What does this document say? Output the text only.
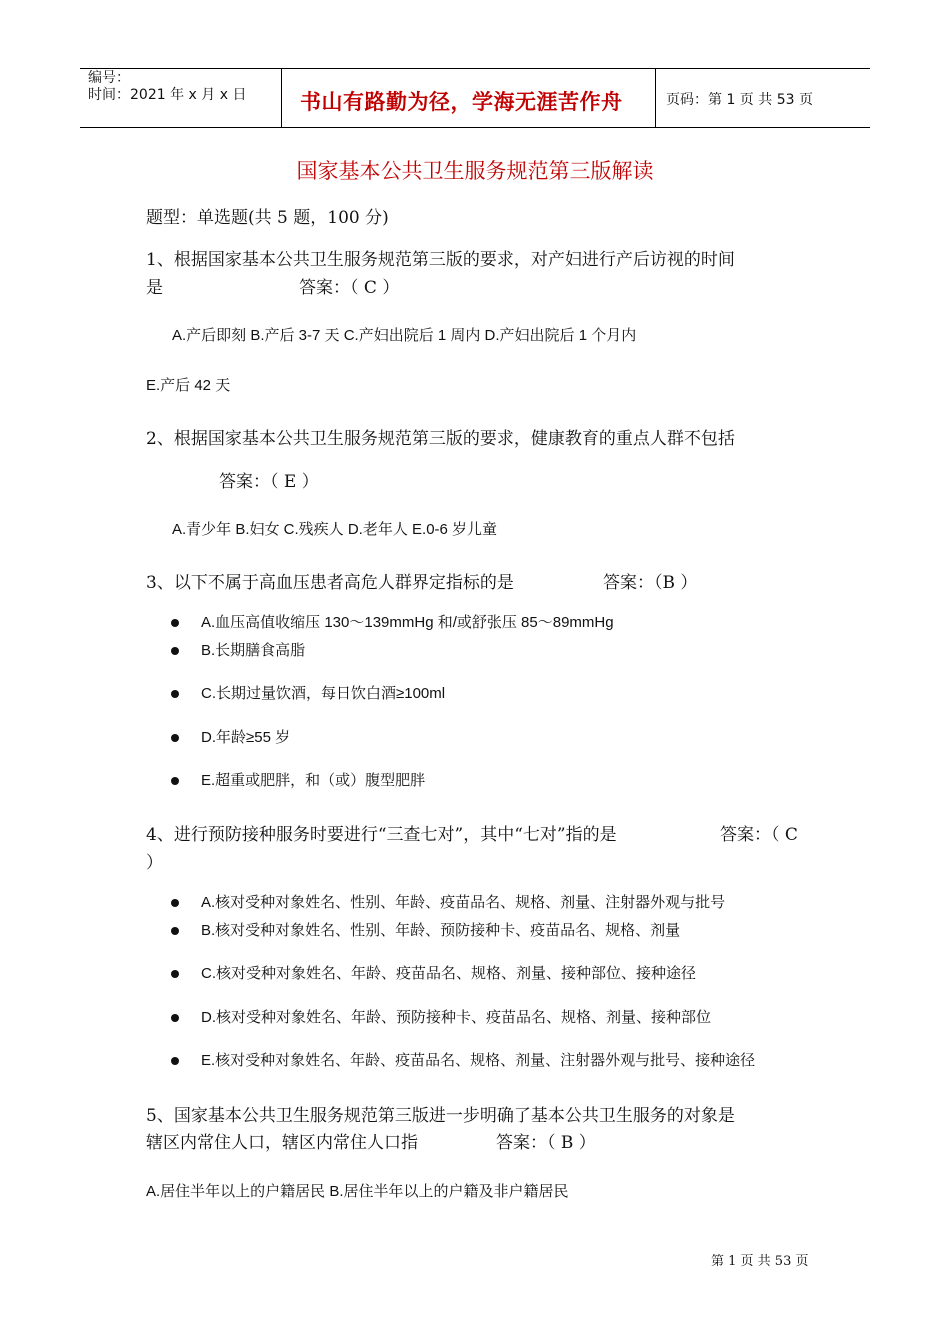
编号：
时间：2021 年 x 月 x 日	书山有路勤为径，学海无涯苦作舟	页码：第 1 页 共 53 页
国家基本公共卫生服务规范第三版解读
题型：单选题(共 5 题，100 分)
1、根据国家基本公共卫生服务规范第三版的要求，对产妇进行产后访视的时间
是	答案：（ C ）
A.产后即刻 B.产后 3-7 天 C.产妇出院后 1 周内 D.产妇出院后 1 个月内
E.产后 42 天
2、根据国家基本公共卫生服务规范第三版的要求，健康教育的重点人群不包括
答案：（ E ）
A.青少年 B.妇女 C.残疾人 D.老年人 E.0-6 岁儿童
3、以下不属于高血压患者高危人群界定指标的是	答案：（B ）
A.血压高值收缩压 130～139mmHg 和/或舒张压 85～89mmHg
B.长期膳食高脂
C.长期过量饮酒，每日饮白酒≥100ml
D.年龄≥55 岁
E.超重或肥胖，和（或）腹型肥胖
4、进行预防接种服务时要进行“三查七对”，其中“七对”指的是	答案：（ C
）
A.核对受种对象姓名、性别、年龄、疫苗品名、规格、剂量、注射器外观与批号
B.核对受种对象姓名、性别、年龄、预防接种卡、疫苗品名、规格、剂量
C.核对受种对象姓名、年龄、疫苗品名、规格、剂量、接种部位、接种途径
D.核对受种对象姓名、年龄、预防接种卡、疫苗品名、规格、剂量、接种部位
E.核对受种对象姓名、年龄、疫苗品名、规格、剂量、注射器外观与批号、接种途径
5、国家基本公共卫生服务规范第三版进一步明确了基本公共卫生服务的对象是
辖区内常住人口，辖区内常住人口指	答案：（ B ）
A.居住半年以上的户籍居民 B.居住半年以上的户籍及非户籍居民
第 1 页 共 53 页
